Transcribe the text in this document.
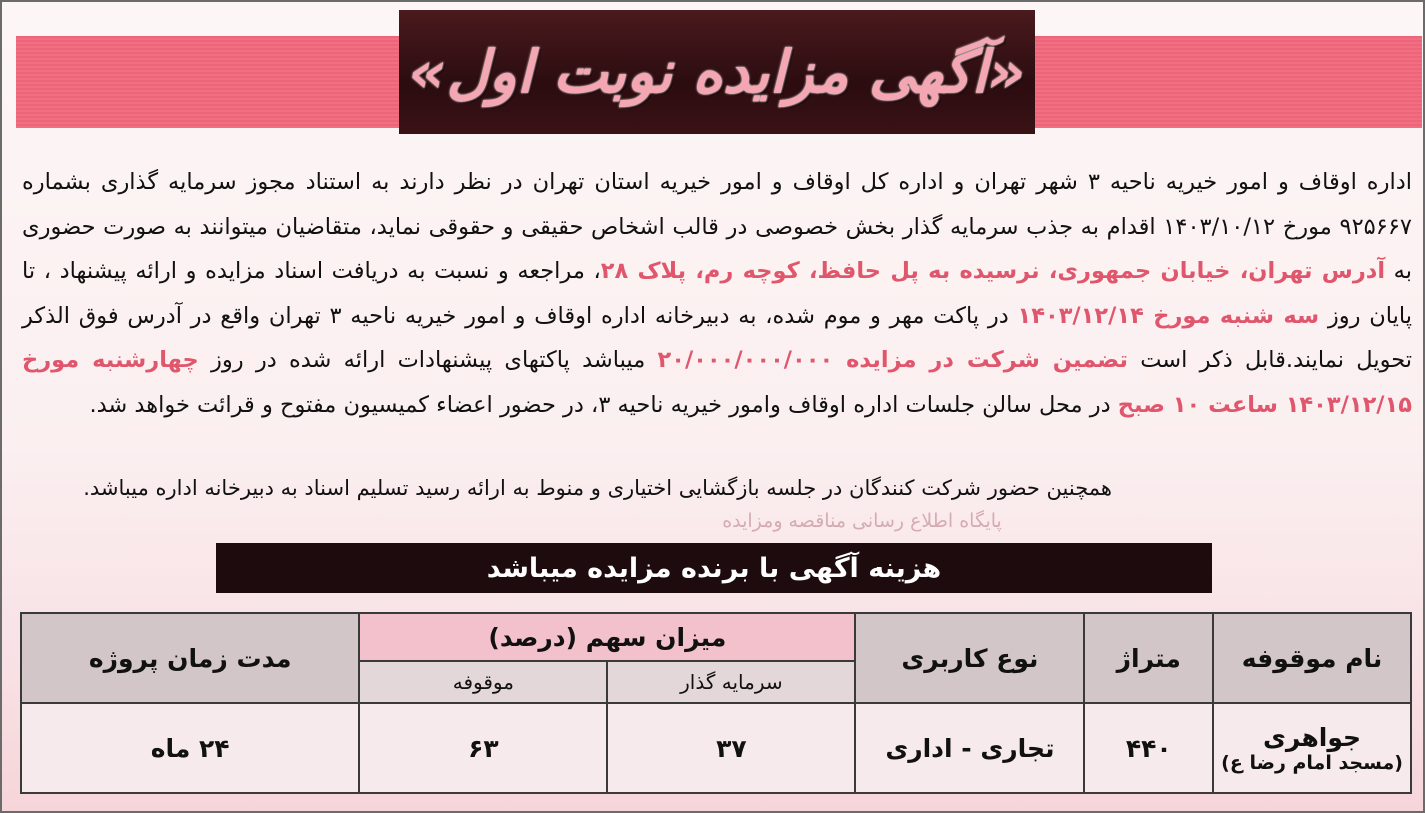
«آگهی مزایده نوبت اول»
اداره اوقاف و امور خیریه ناحیه ۳ شهر تهران و اداره کل اوقاف و امور خیریه استان تهران در نظر دارند به استناد مجوز سرمایه گذاری بشماره ۹۲۵۶۶۷ مورخ ۱۴۰۳/۱۰/۱۲ اقدام به جذب سرمایه گذار بخش خصوصی در قالب اشخاص حقیقی و حقوقی نماید، متقاضیان میتوانند به صورت حضوری به آدرس تهران، خیابان جمهوری، نرسیده به پل حافظ، کوچه رم، پلاک ۲۸، مراجعه و نسبت به دریافت اسناد مزایده و ارائه پیشنهاد ، تا پایان روز سه شنبه مورخ ۱۴۰۳/۱۲/۱۴ در پاکت مهر و موم شده، به دبیرخانه اداره اوقاف و امور خیریه ناحیه ۳ تهران واقع در آدرس فوق الذکر تحویل نمایند.قابل ذکر است تضمین شرکت در مزایده ۲۰/۰۰۰/۰۰۰/۰۰۰ میباشد پاکتهای پیشنهادات ارائه شده در روز چهارشنبه مورخ ۱۴۰۳/۱۲/۱۵ ساعت ۱۰ صبح در محل سالن جلسات اداره اوقاف وامور خیریه ناحیه ۳، در حضور اعضاء کمیسیون مفتوح و قرائت خواهد شد.
همچنین حضور شرکت کنندگان در جلسه بازگشایی اختیاری و منوط به ارائه رسید تسلیم اسناد به دبیرخانه اداره میباشد.
پایگاه اطلاع رسانی مناقصه ومزایده
هزینه آگهی با برنده مزایده میباشد
نام موقوفه	متراژ	نوع کاربری	میزان سهم (درصد)		مدت زمان پروژه
			سرمایه گذار	موقوفه	
جواهری
(مسجد امام رضا ع)	۴۴۰	تجاری - اداری	۳۷	۶۳	۲۴ ماه
